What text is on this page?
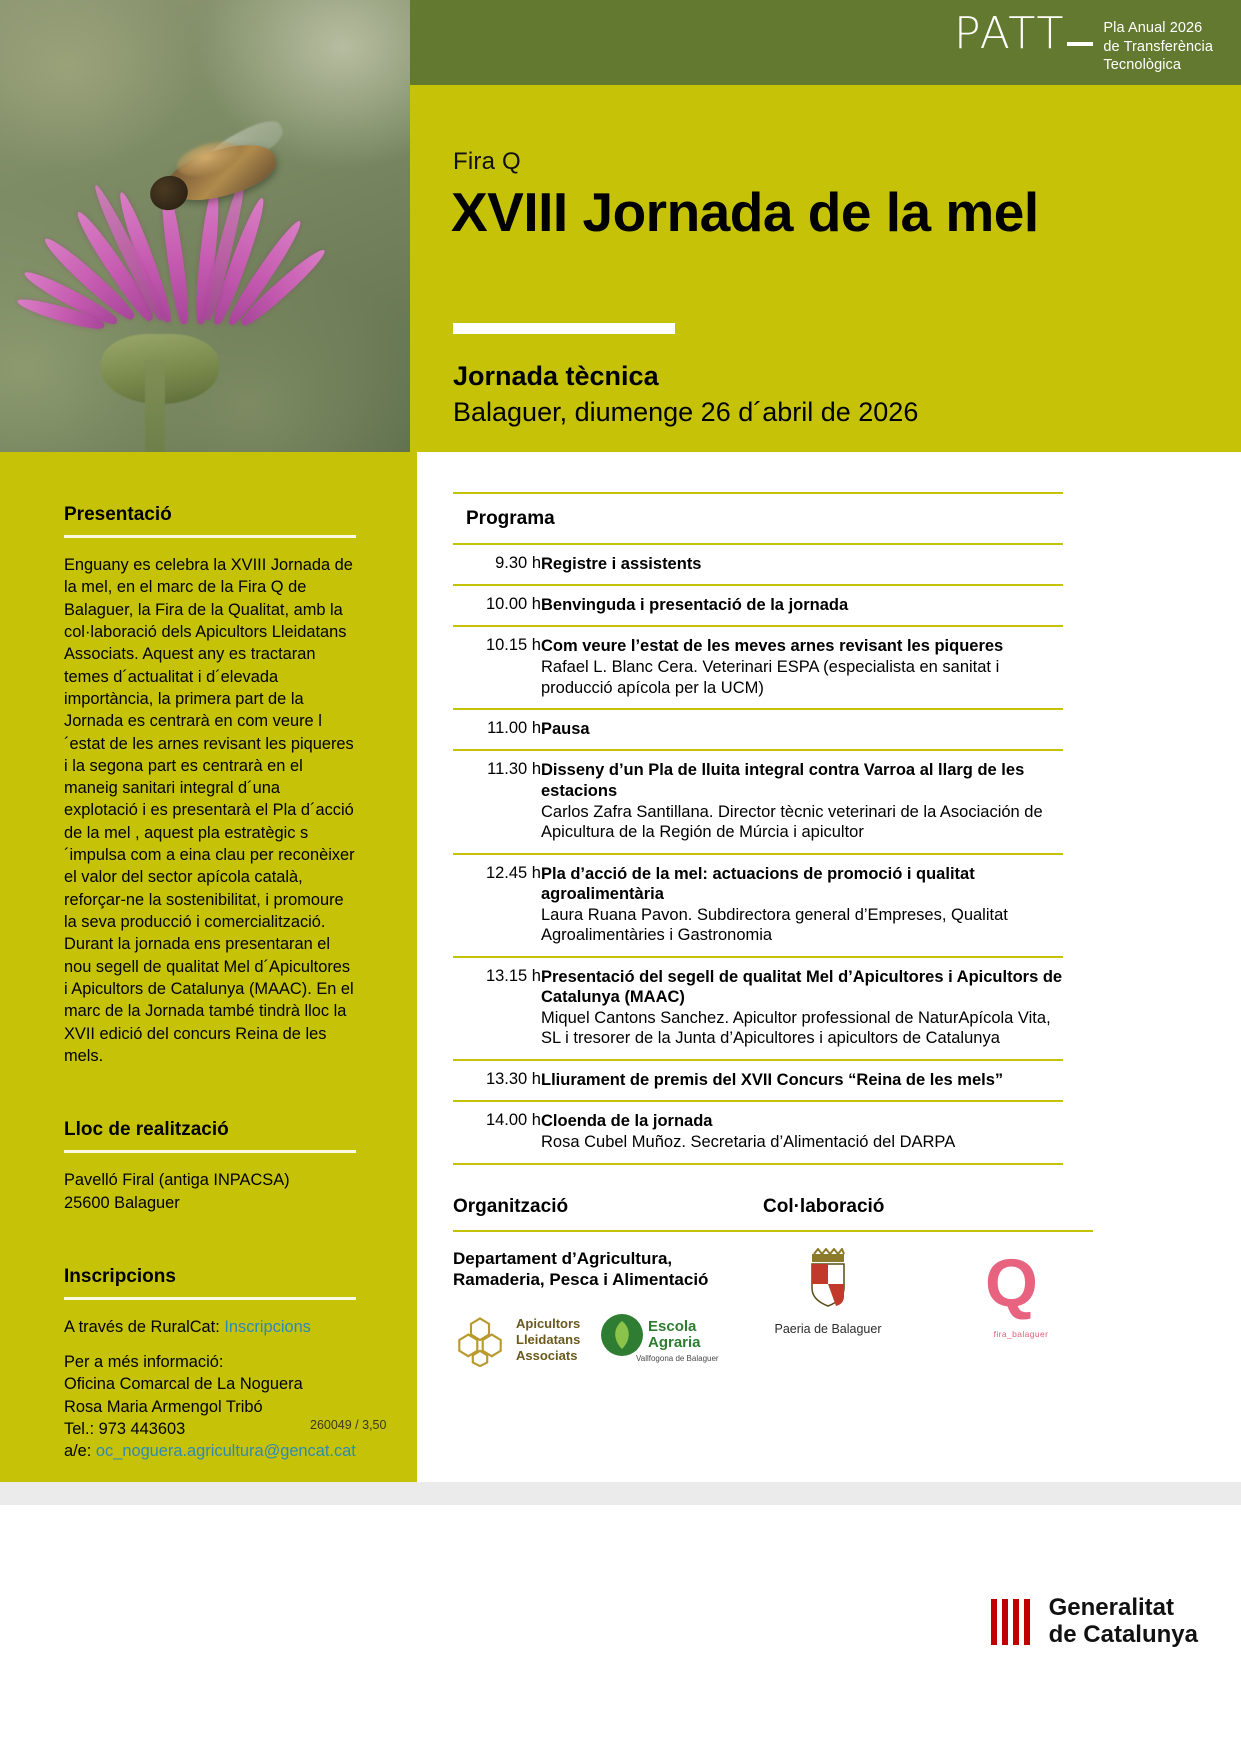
PATT	Pla Anual 2026
de Transferència
Tecnològica
Fira Q
XVIII Jornada de la mel
Jornada tècnica
Balaguer, diumenge 26 d´abril de 2026
Presentació
Enguany es celebra la XVIII Jornada de la mel, en el marc de la Fira Q de Balaguer, la Fira de la Qualitat, amb la col·laboració dels Apicultors Lleidatans Associats. Aquest any es tractaran temes d´actualitat i d´elevada importància, la primera part de la Jornada es centrarà en com veure l´estat de les arnes revisant les piqueres i la segona part es centrarà en el maneig sanitari integral d´una explotació i es presentarà el Pla d´acció de la mel , aquest pla estratègic s´impulsa com a eina clau per reconèixer el valor del sector apícola català, reforçar-ne la sostenibilitat, i promoure la seva producció i comercialització. Durant la jornada ens presentaran el nou segell de qualitat Mel d´Apicultores i Apicultors de Catalunya (MAAC). En el marc de la Jornada també tindrà lloc la XVII edició del concurs Reina de les mels.
Lloc de realització
Pavelló Firal (antiga INPACSA)
25600 Balaguer
Inscripcions
A través de RuralCat: Inscripcions
Per a més informació:
Oficina Comarcal de La Noguera
Rosa Maria Armengol Tribó
Tel.: 973 443603
a/e: oc_noguera.agricultura@gencat.cat
260049 / 3,50
Programa
9.30 h	Registre i assistents

10.00 h	Benvinguda i presentació de la jornada

10.15 h	Com veure l’estat de les meves arnes revisant les piqueres
Rafael L. Blanc Cera. Veterinari ESPA (especialista en sanitat i producció apícola per la UCM)

11.00 h	Pausa

11.30 h	Disseny d’un Pla de lluita integral contra Varroa al llarg de les estacions
Carlos Zafra Santillana. Director tècnic veterinari de la Asociación de Apicultura de la Región de Múrcia i apicultor

12.45 h	Pla d’acció de la mel: actuacions de promoció i qualitat agroalimentària
Laura Ruana Pavon. Subdirectora general d’Empreses, Qualitat Agroalimentàries i Gastronomia

13.15 h	Presentació del segell de qualitat Mel d’Apicultores i Apicultors de Catalunya (MAAC)
Miquel Cantons Sanchez. Apicultor professional de NaturApícola Vita, SL i tresorer de la Junta d’Apicultores i apicultors de Catalunya

13.30 h	Lliurament de premis del XVII Concurs “Reina de les mels”

14.00 h	Cloenda de la jornada
Rosa Cubel Muñoz. Secretaria d’Alimentació del DARPA
Organització
Departament d’Agricultura,
Ramaderia, Pesca i Alimentació
Apicultors
Lleidatans
Associats
Escola
Agraria
Vallfogona de Balaguer
Col·laboració
Paeria de Balaguer
Q
fira_balaguer
Generalitat
de Catalunya
